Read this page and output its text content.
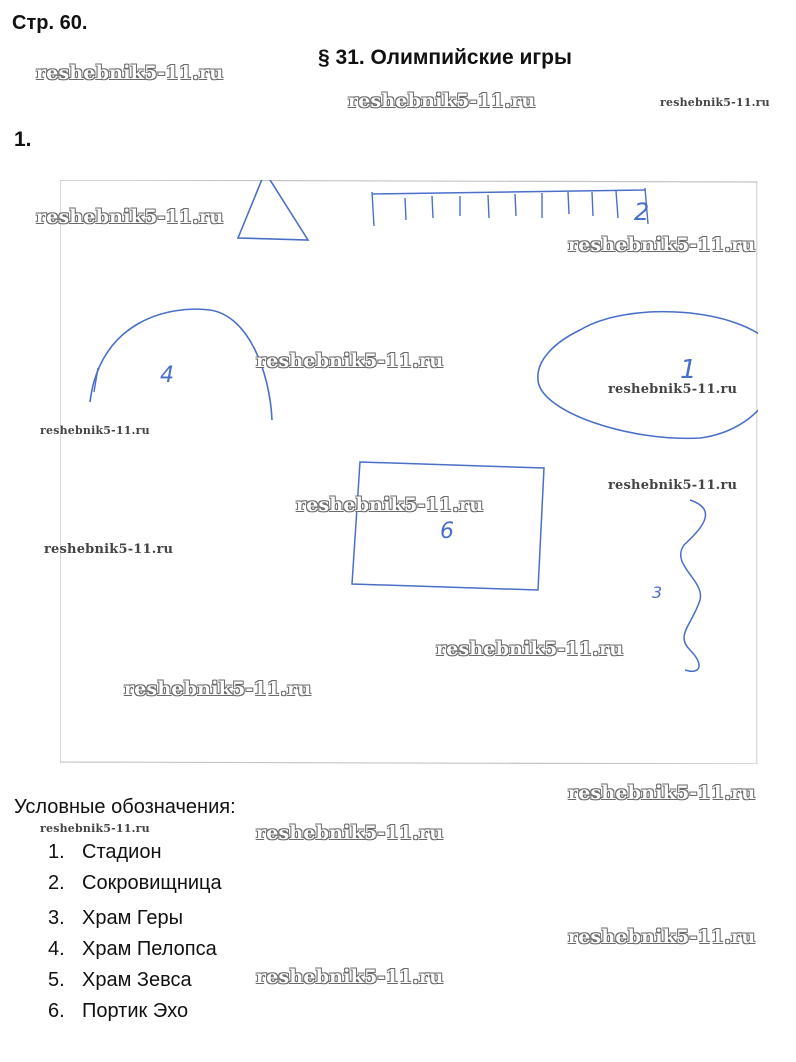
Стр. 60.
§ 31. Олимпийские игры
1.
2
4	1
6
3
Условные обозначения:
1. Стадион
2. Сокровищница
3. Храм Геры
4. Храм Пелопса
5. Храм Зевса
6. Портик Эхо
reshebnik5-11.ru
reshebnik5-11.ru	reshebnik5-11.ru
reshebnik5-11.ru
reshebnik5-11.ru
reshebnik5-11.ru
reshebnik5-11.ru
reshebnik5-11.ru
reshebnik5-11.ru
reshebnik5-11.ru
reshebnik5-11.ru
reshebnik5-11.ru
reshebnik5-11.ru
reshebnik5-11.ru
reshebnik5-11.ru	reshebnik5-11.ru
reshebnik5-11.ru
reshebnik5-11.ru
